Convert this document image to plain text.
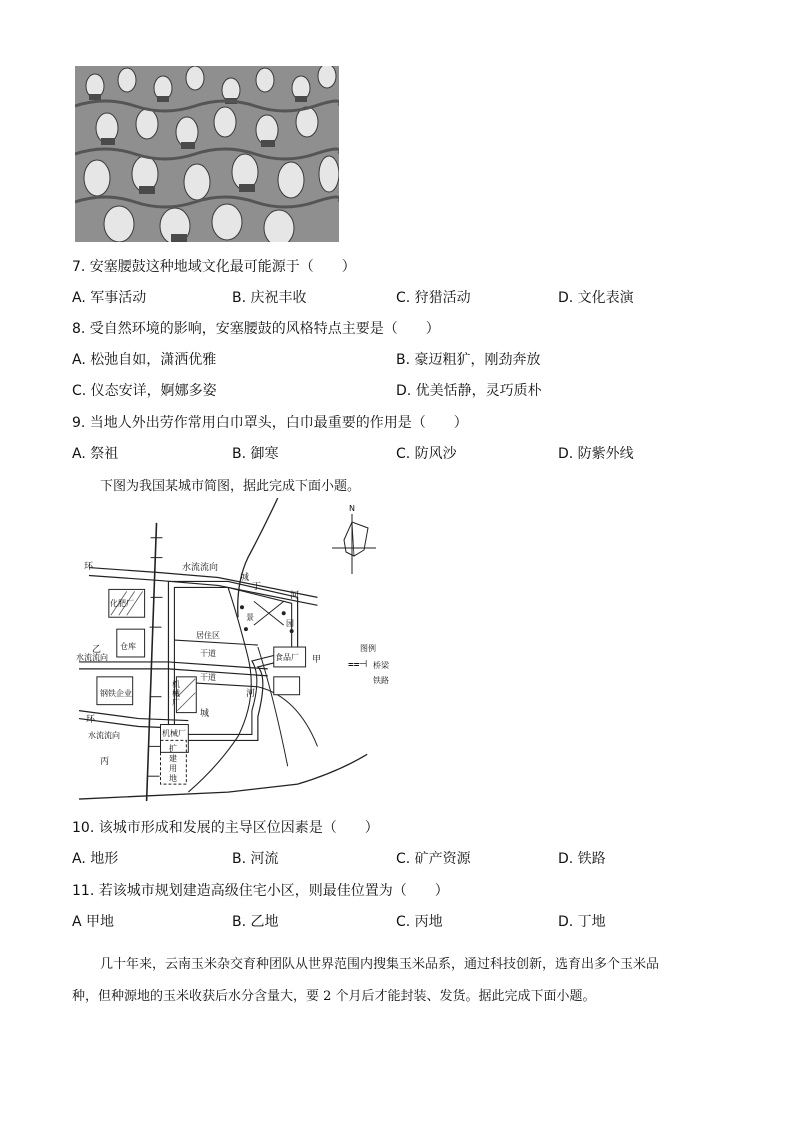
7. 安塞腰鼓这种地域文化最可能源于（　　）
A. 军事活动	B. 庆祝丰收	C. 狩猎活动	D. 文化表演
8. 受自然环境的影响，安塞腰鼓的风格特点主要是（　　）
A. 松弛自如，潇洒优雅	B. 豪迈粗犷，刚劲奔放
C. 仪态安详，婀娜多姿	D. 优美恬静，灵巧质朴
9. 当地人外出劳作常用白巾罩头，白巾最重要的作用是（　　）
A. 祭祖	B. 御寒	C. 防风沙	D. 防紫外线
下图为我国某城市简图，据此完成下面小题。
环	水流流向
城
丁
河
化肥厂
景
园
乙
水流流向
仓库
居住区
干道	食品厂 甲
干道
钢铁企业
机械厂
河
环
城
水流流向	机械厂
丙
扩建用地
图例
⩵⊣ 桥梁
铁路
N
10. 该城市形成和发展的主导区位因素是（　　）
A. 地形	B. 河流	C. 矿产资源	D. 铁路
11. 若该城市规划建造高级住宅小区，则最佳位置为（　　）
A 甲地	B. 乙地	C. 丙地	D. 丁地
几十年来，云南玉米杂交育种团队从世界范围内搜集玉米品系，通过科技创新，选育出多个玉米品
种，但种源地的玉米收获后水分含量大，要 2 个月后才能封装、发货。据此完成下面小题。
